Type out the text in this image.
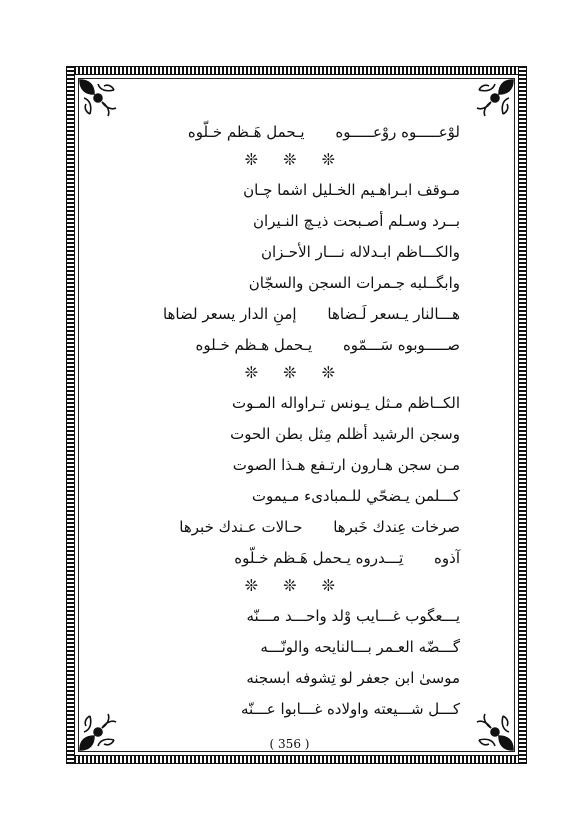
لوْعـــــوه روْعـــــوه يـحمل هَـظم خـلّوه
❊ ❊ ❊
مـوقف ابـراهـيم الخـليل اشما چـان
بــرد وسـلم أصـبحت ذيـچ النـيران
والكـــاظم ابـدلاله نـــار الأحـزان
وابگــلبه جـمرات السجن والسجّان
هـــالنار يـسعر لَـضاها إمنِ الدار يسعر لضاها
صـــــوبوه سَـــمّوه يـحمل هـظم خـلوه
❊ ❊ ❊
الكــاظم مـثل يـونس تـراواله المـوت
وسجن الرشيد أظلم مِثل بطن الحوت
مـن سجن هـارون ارتـفع هـذا الصوت
كـــلمن يـضحّي للـمبادىء مـيموت
صرخات عِندك خَبرها حـالات عـندك خبرها
آذوه تِـــدروه يـحمل هَـظم خـلّوه
❊ ❊ ❊
يـــعگوب غـــايب وْلد واحـــد مـــنّه
گـــضّه العـمر بـــالنايحه والونّـــه
موسىٰ ابن جعفر لو تِشوفه ابسجنه
كـــل شـــيعته واولاده غـــابوا عـــنّه
( 356 )
